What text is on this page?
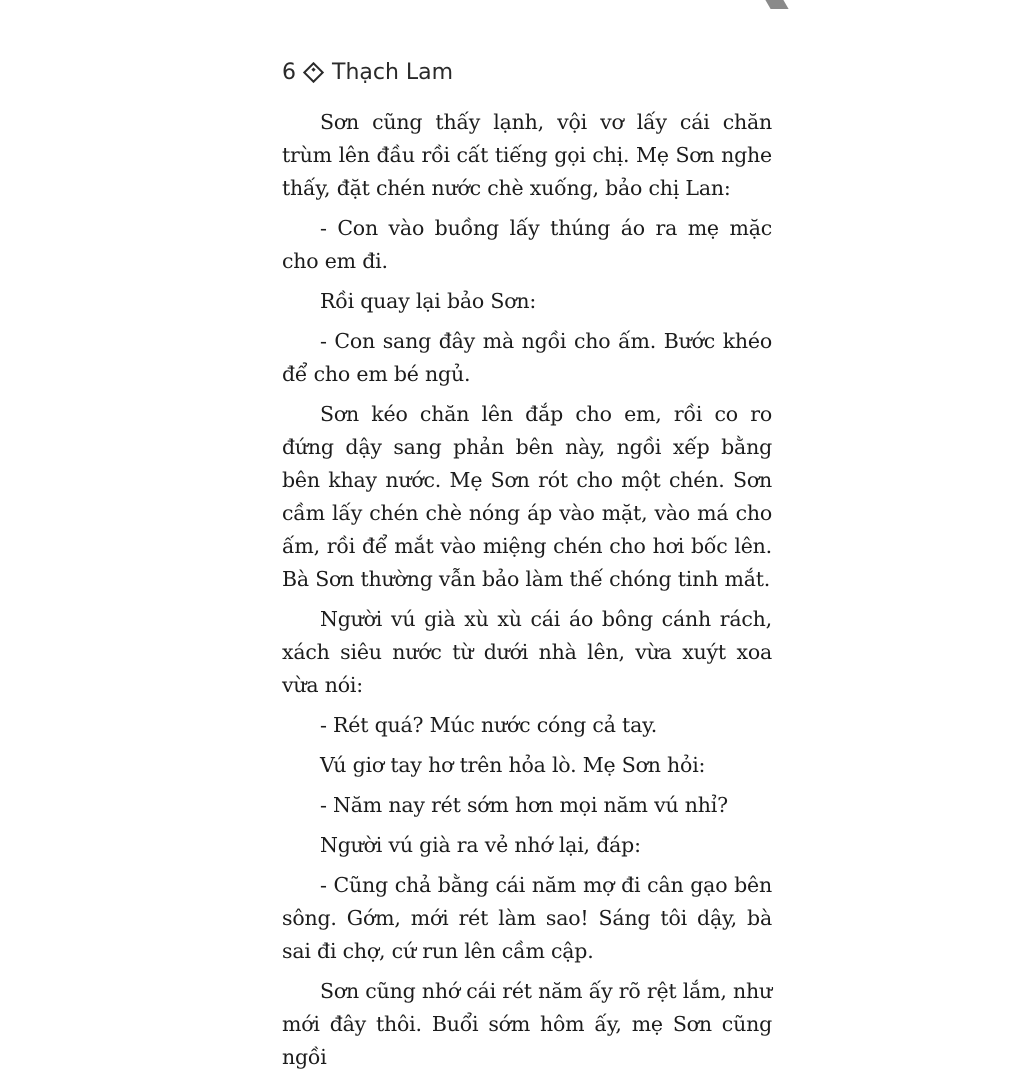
6 Thạch Lam

Sơn cũng thấy lạnh, vội vơ lấy cái chăn trùm lên đầu rồi cất tiếng gọi chị. Mẹ Sơn nghe thấy, đặt chén nước chè xuống, bảo chị Lan:

- Con vào buồng lấy thúng áo ra mẹ mặc cho em đi.

Rồi quay lại bảo Sơn:

- Con sang đây mà ngồi cho ấm. Bước khéo để cho em bé ngủ.

Sơn kéo chăn lên đắp cho em, rồi co ro đứng dậy sang phản bên này, ngồi xếp bằng bên khay nước. Mẹ Sơn rót cho một chén. Sơn cầm lấy chén chè nóng áp vào mặt, vào má cho ấm, rồi để mắt vào miệng chén cho hơi bốc lên. Bà Sơn thường vẫn bảo làm thế chóng tinh mắt.

Người vú già xù xù cái áo bông cánh rách, xách siêu nước từ dưới nhà lên, vừa xuýt xoa vừa nói:

- Rét quá? Múc nước cóng cả tay.

Vú giơ tay hơ trên hỏa lò. Mẹ Sơn hỏi:

- Năm nay rét sớm hơn mọi năm vú nhỉ?

Người vú già ra vẻ nhớ lại, đáp:

- Cũng chả bằng cái năm mợ đi cân gạo bên sông. Gớm, mới rét làm sao! Sáng tôi dậy, bà sai đi chợ, cứ run lên cầm cập.

Sơn cũng nhớ cái rét năm ấy rõ rệt lắm, như mới đây thôi. Buổi sớm hôm ấy, mẹ Sơn cũng ngồi
